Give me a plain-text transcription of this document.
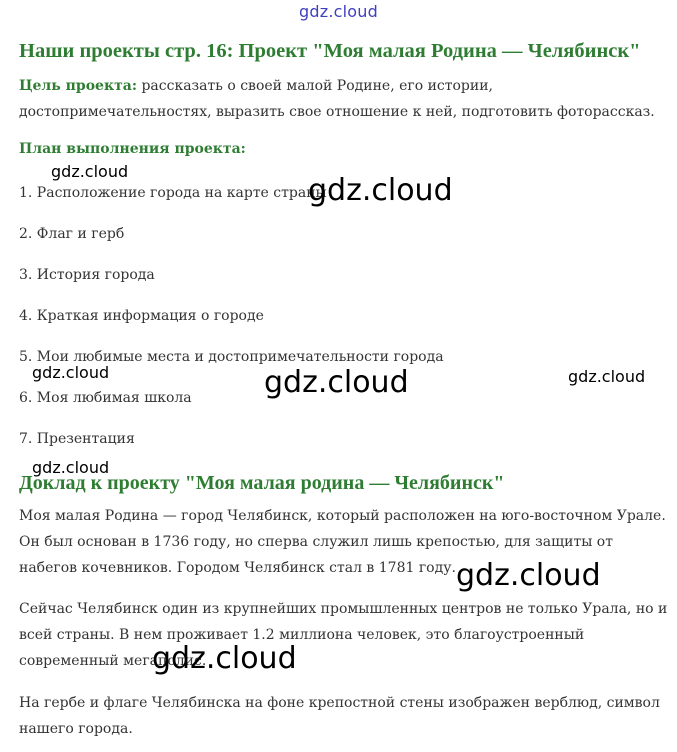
gdz.cloud
Наши проекты стр. 16: Проект "Моя малая Родина — Челябинск"

Цель проекта: рассказать о своей малой Родине, его истории, достопримечательностях, выразить свое отношение к ней, подготовить фоторассказ.

План выполнения проекта:
1. Расположение города на карте страны
2. Флаг и герб
3. История города
4. Краткая информация о городе
5. Мои любимые места и достопримечательности города
6. Моя любимая школа
7. Презентация
Доклад к проекту "Моя малая родина — Челябинск"

Моя малая Родина — город Челябинск, который расположен на юго-восточном Урале. Он был основан в 1736 году, но сперва служил лишь крепостью, для защиты от набегов кочевников. Городом Челябинск стал в 1781 году.

Сейчас Челябинск один из крупнейших промышленных центров не только Урала, но и всей страны. В нем проживает 1.2 миллиона человек, это благоустроенный современный мегаполис.

На гербе и флаге Челябинска на фоне крепостной стены изображен верблюд, символ нашего города.

gdz.cloud
gdz.cloud
gdz.cloud	gdz.cloud	gdz.cloud
gdz.cloud
gdz.cloud
gdz.cloud
